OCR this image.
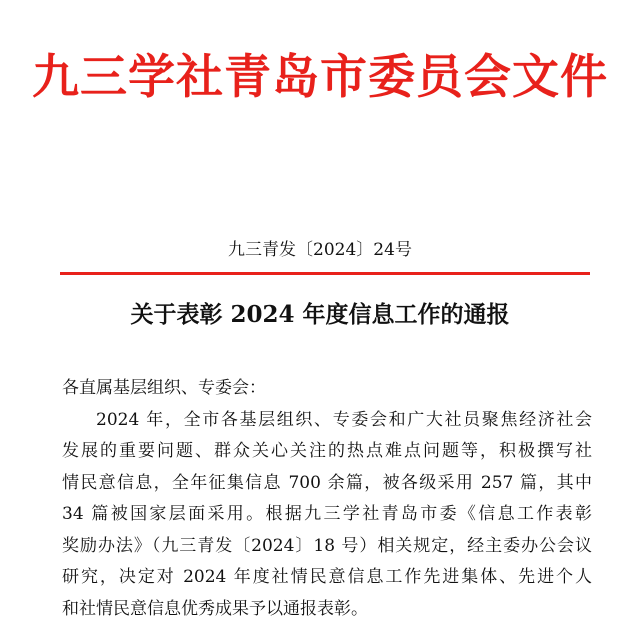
九三学社青岛市委员会文件
九三青发〔2024〕24号
关于表彰 2024 年度信息工作的通报

各直属基层组织、专委会：

2024 年，全市各基层组织、专委会和广大社员聚焦经济社会

发展的重要问题、群众关心关注的热点难点问题等，积极撰写社

情民意信息，全年征集信息 700 余篇，被各级采用 257 篇，其中

34 篇被国家层面采用。根据九三学社青岛市委《信息工作表彰

奖励办法》（九三青发〔2024〕18 号）相关规定，经主委办公会议

研究，决定对 2024 年度社情民意信息工作先进集体、先进个人

和社情民意信息优秀成果予以通报表彰。
